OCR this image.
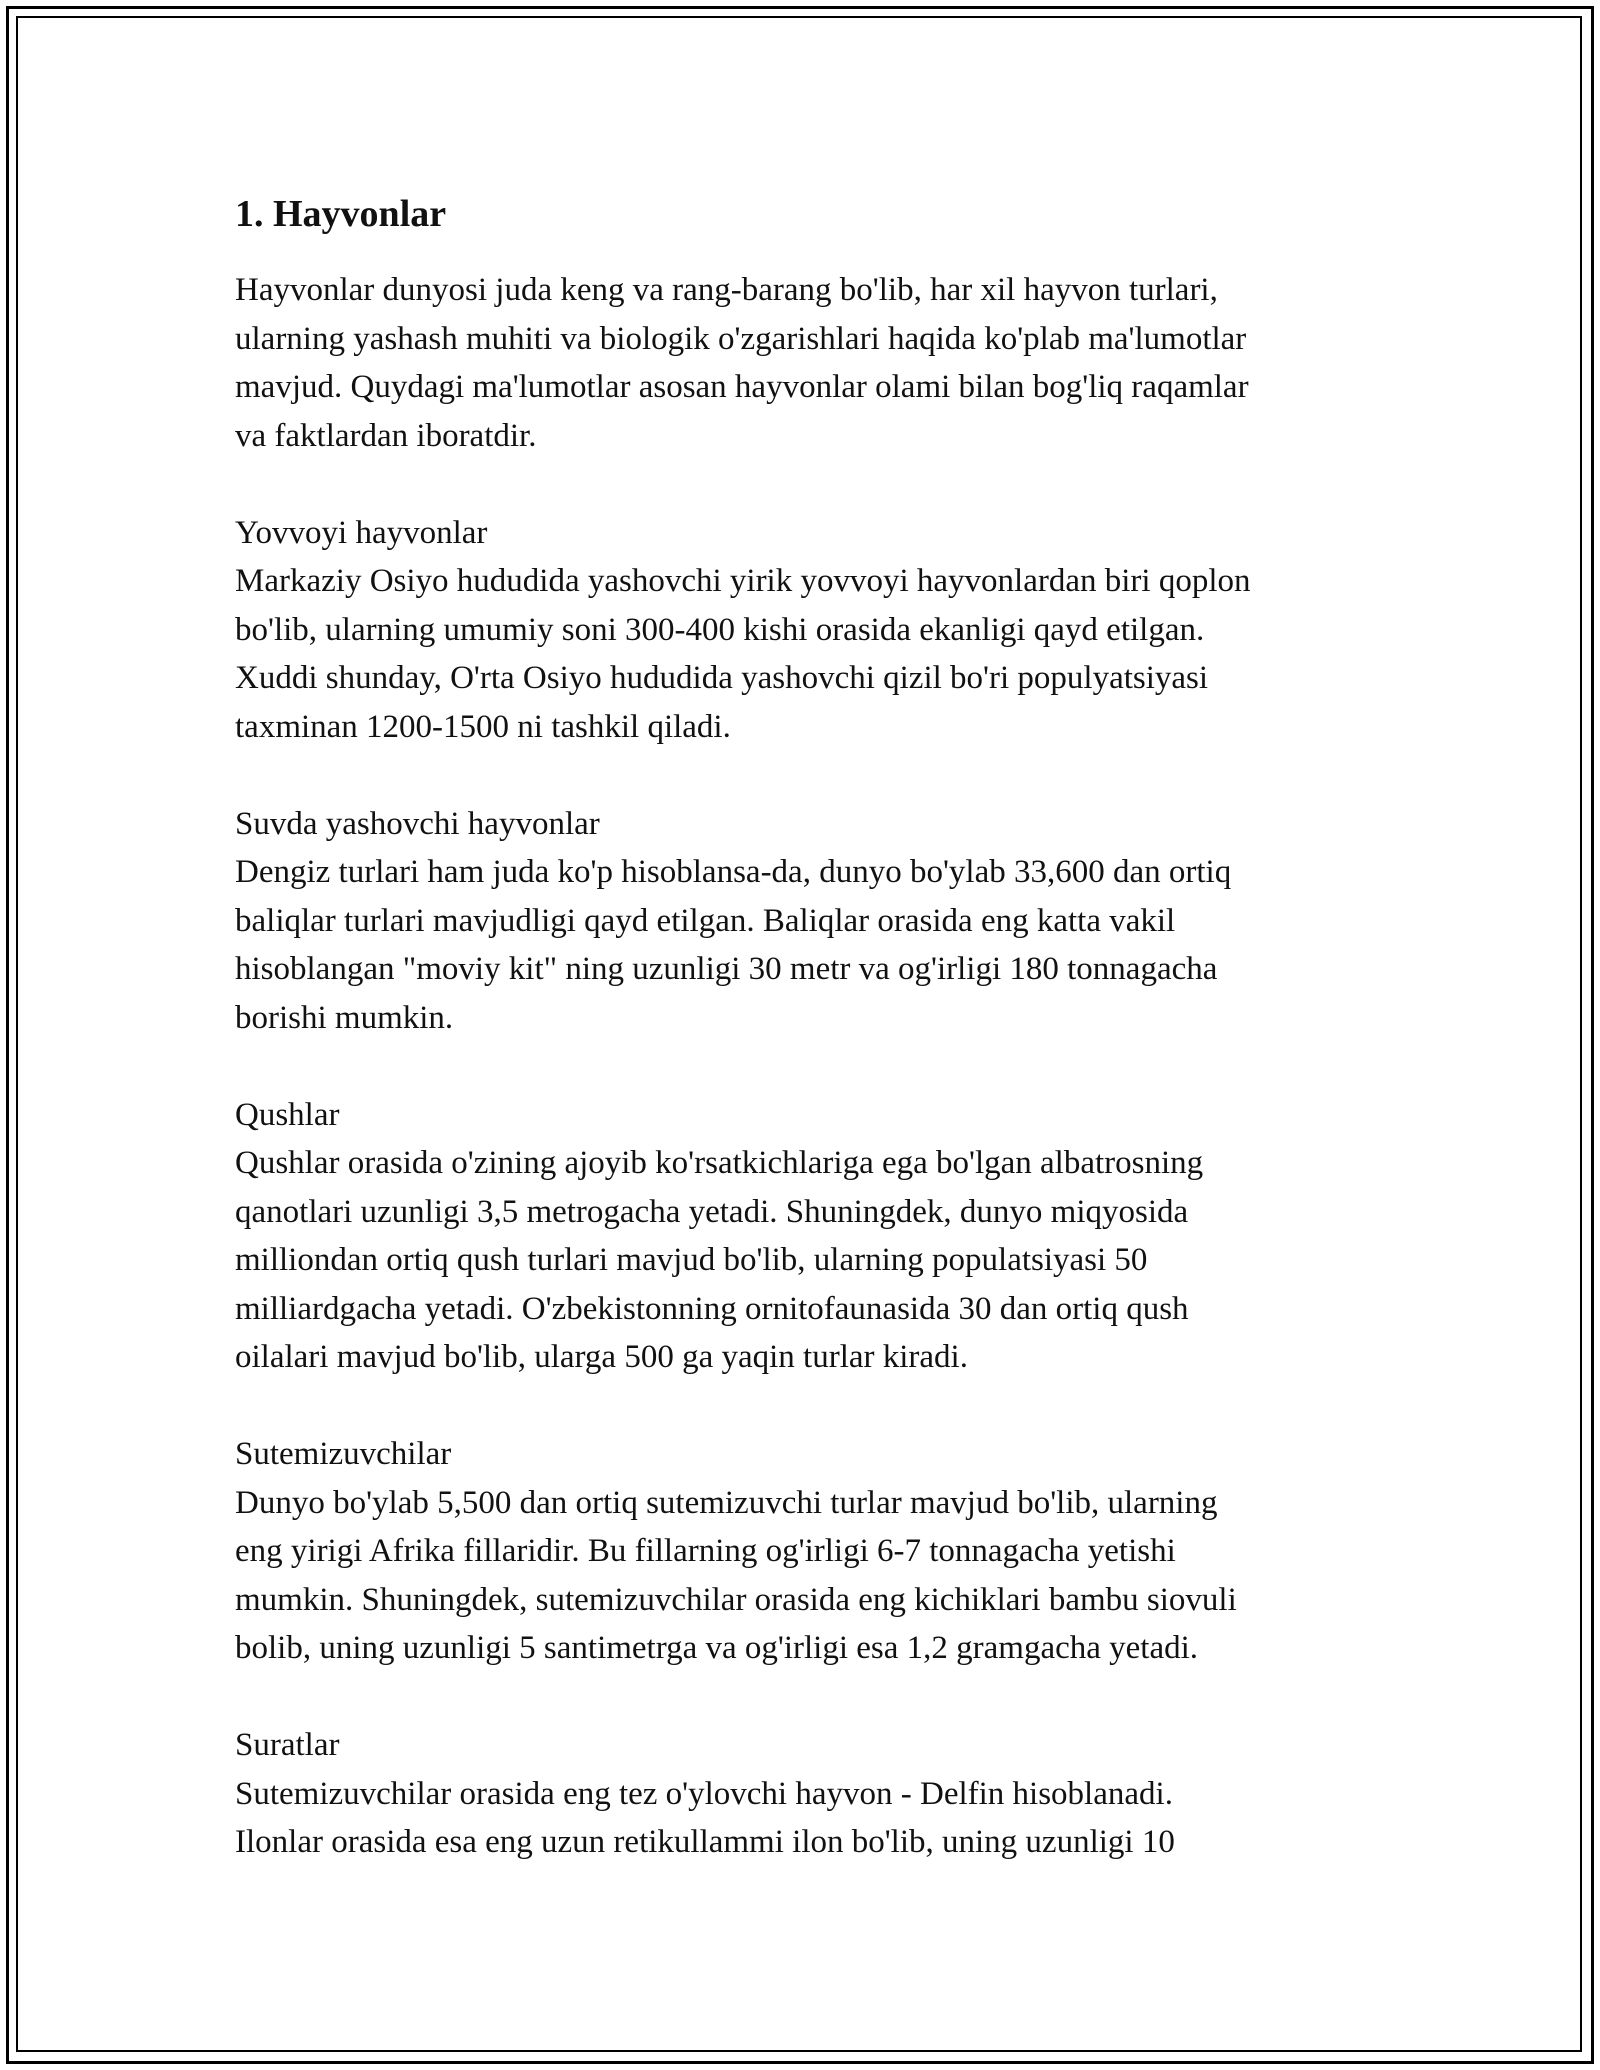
1. Hayvonlar
Hayvonlar dunyosi juda keng va rang-barang bo'lib, har xil hayvon turlari,
ularning yashash muhiti va biologik o'zgarishlari haqida ko'plab ma'lumotlar
mavjud. Quydagi ma'lumotlar asosan hayvonlar olami bilan bog'liq raqamlar
va faktlardan iboratdir.
Yovvoyi hayvonlar
Markaziy Osiyo hududida yashovchi yirik yovvoyi hayvonlardan biri qoplon
bo'lib, ularning umumiy soni 300-400 kishi orasida ekanligi qayd etilgan.
Xuddi shunday, O'rta Osiyo hududida yashovchi qizil bo'ri populyatsiyasi
taxminan 1200-1500 ni tashkil qiladi.
Suvda yashovchi hayvonlar
Dengiz turlari ham juda ko'p hisoblansa-da, dunyo bo'ylab 33,600 dan ortiq
baliqlar turlari mavjudligi qayd etilgan. Baliqlar orasida eng katta vakil
hisoblangan "moviy kit" ning uzunligi 30 metr va og'irligi 180 tonnagacha
borishi mumkin.
Qushlar
Qushlar orasida o'zining ajoyib ko'rsatkichlariga ega bo'lgan albatrosning
qanotlari uzunligi 3,5 metrogacha yetadi. Shuningdek, dunyo miqyosida
milliondan ortiq qush turlari mavjud bo'lib, ularning populatsiyasi 50
milliardgacha yetadi. O'zbekistonning ornitofaunasida 30 dan ortiq qush
oilalari mavjud bo'lib, ularga 500 ga yaqin turlar kiradi.
Sutemizuvchilar
Dunyo bo'ylab 5,500 dan ortiq sutemizuvchi turlar mavjud bo'lib, ularning
eng yirigi Afrika fillaridir. Bu fillarning og'irligi 6-7 tonnagacha yetishi
mumkin. Shuningdek, sutemizuvchilar orasida eng kichiklari bambu siovuli
bolib, uning uzunligi 5 santimetrga va og'irligi esa 1,2 gramgacha yetadi.
Suratlar
Sutemizuvchilar orasida eng tez o'ylovchi hayvon - Delfin hisoblanadi.
Ilonlar orasida esa eng uzun retikullammi ilon bo'lib, uning uzunligi 10
